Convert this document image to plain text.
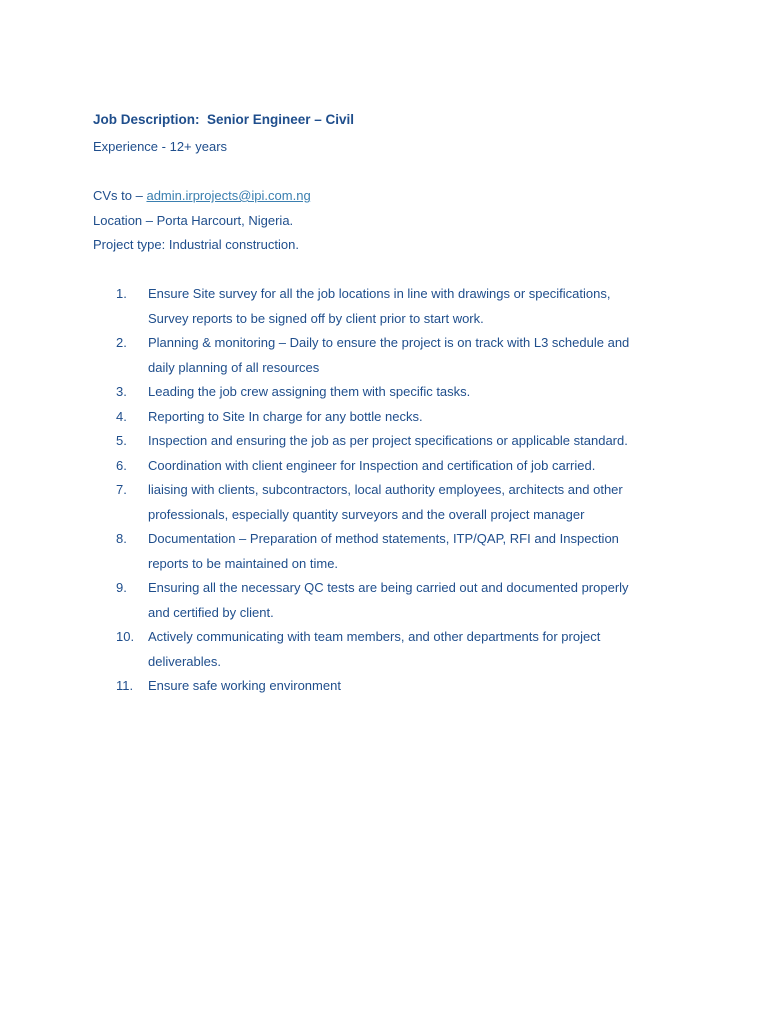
Job Description:  Senior Engineer – Civil

Experience - 12+ years

CVs to – admin.irprojects@ipi.com.ng

Location – Porta Harcourt, Nigeria.

Project type: Industrial construction.

1. Ensure Site survey for all the job locations in line with drawings or specifications,
Survey reports to be signed off by client prior to start work.
2. Planning & monitoring – Daily to ensure the project is on track with L3 schedule and
daily planning of all resources
3. Leading the job crew assigning them with specific tasks.
4. Reporting to Site In charge for any bottle necks.
5. Inspection and ensuring the job as per project specifications or applicable standard.
6. Coordination with client engineer for Inspection and certification of job carried.
7. liaising with clients, subcontractors, local authority employees, architects and other
professionals, especially quantity surveyors and the overall project manager
8. Documentation – Preparation of method statements, ITP/QAP, RFI and Inspection
reports to be maintained on time.
9. Ensuring all the necessary QC tests are being carried out and documented properly
and certified by client.
10. Actively communicating with team members, and other departments for project
deliverables.
11. Ensure safe working environment
